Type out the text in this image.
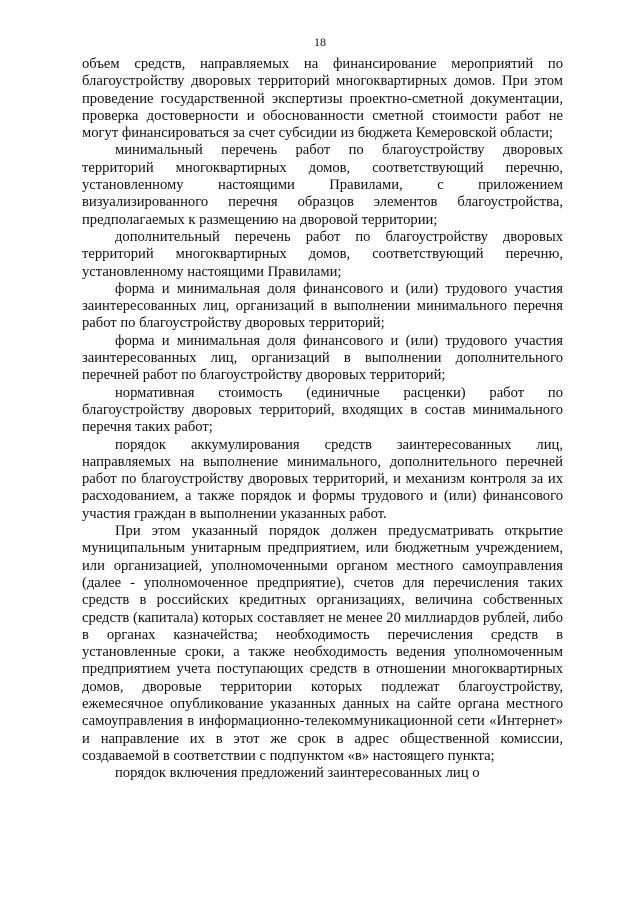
18

объем средств, направляемых на финансирование мероприятий по благоустройству дворовых территорий многоквартирных домов. При этом проведение государственной экспертизы проектно-сметной документации, проверка достоверности и обоснованности сметной стоимости работ не могут финансироваться за счет субсидии из бюджета Кемеровской области;

минимальный перечень работ по благоустройству дворовых территорий многоквартирных домов, соответствующий перечню, установленному настоящими Правилами, с приложением визуализированного перечня образцов элементов благоустройства, предполагаемых к размещению на дворовой территории;

дополнительный перечень работ по благоустройству дворовых территорий многоквартирных домов, соответствующий перечню, установленному настоящими Правилами;

форма и минимальная доля финансового и (или) трудового участия заинтересованных лиц, организаций в выполнении минимального перечня работ по благоустройству дворовых территорий;

форма и минимальная доля финансового и (или) трудового участия заинтересованных лиц, организаций в выполнении дополнительного перечней работ по благоустройству дворовых территорий;

нормативная стоимость (единичные расценки) работ по благоустройству дворовых территорий, входящих в состав минимального перечня таких работ;

порядок аккумулирования средств заинтересованных лиц, направляемых на выполнение минимального, дополнительного перечней работ по благоустройству дворовых территорий, и механизм контроля за их расходованием, а также порядок и формы трудового и (или) финансового участия граждан в выполнении указанных работ.

При этом указанный порядок должен предусматривать открытие муниципальным унитарным предприятием, или бюджетным учреждением, или организацией, уполномоченными органом местного самоуправления (далее - уполномоченное предприятие), счетов для перечисления таких средств в российских кредитных организациях, величина собственных средств (капитала) которых составляет не менее 20 миллиардов рублей, либо в органах казначейства; необходимость перечисления средств в установленные сроки, а также необходимость ведения уполномоченным предприятием учета поступающих средств в отношении многоквартирных домов, дворовые территории которых подлежат благоустройству, ежемесячное опубликование указанных данных на сайте органа местного самоуправления в информационно-телекоммуникационной сети «Интернет» и направление их в этот же срок в адрес общественной комиссии, создаваемой в соответствии с подпунктом «в» настоящего пункта;

порядок включения предложений заинтересованных лиц о
